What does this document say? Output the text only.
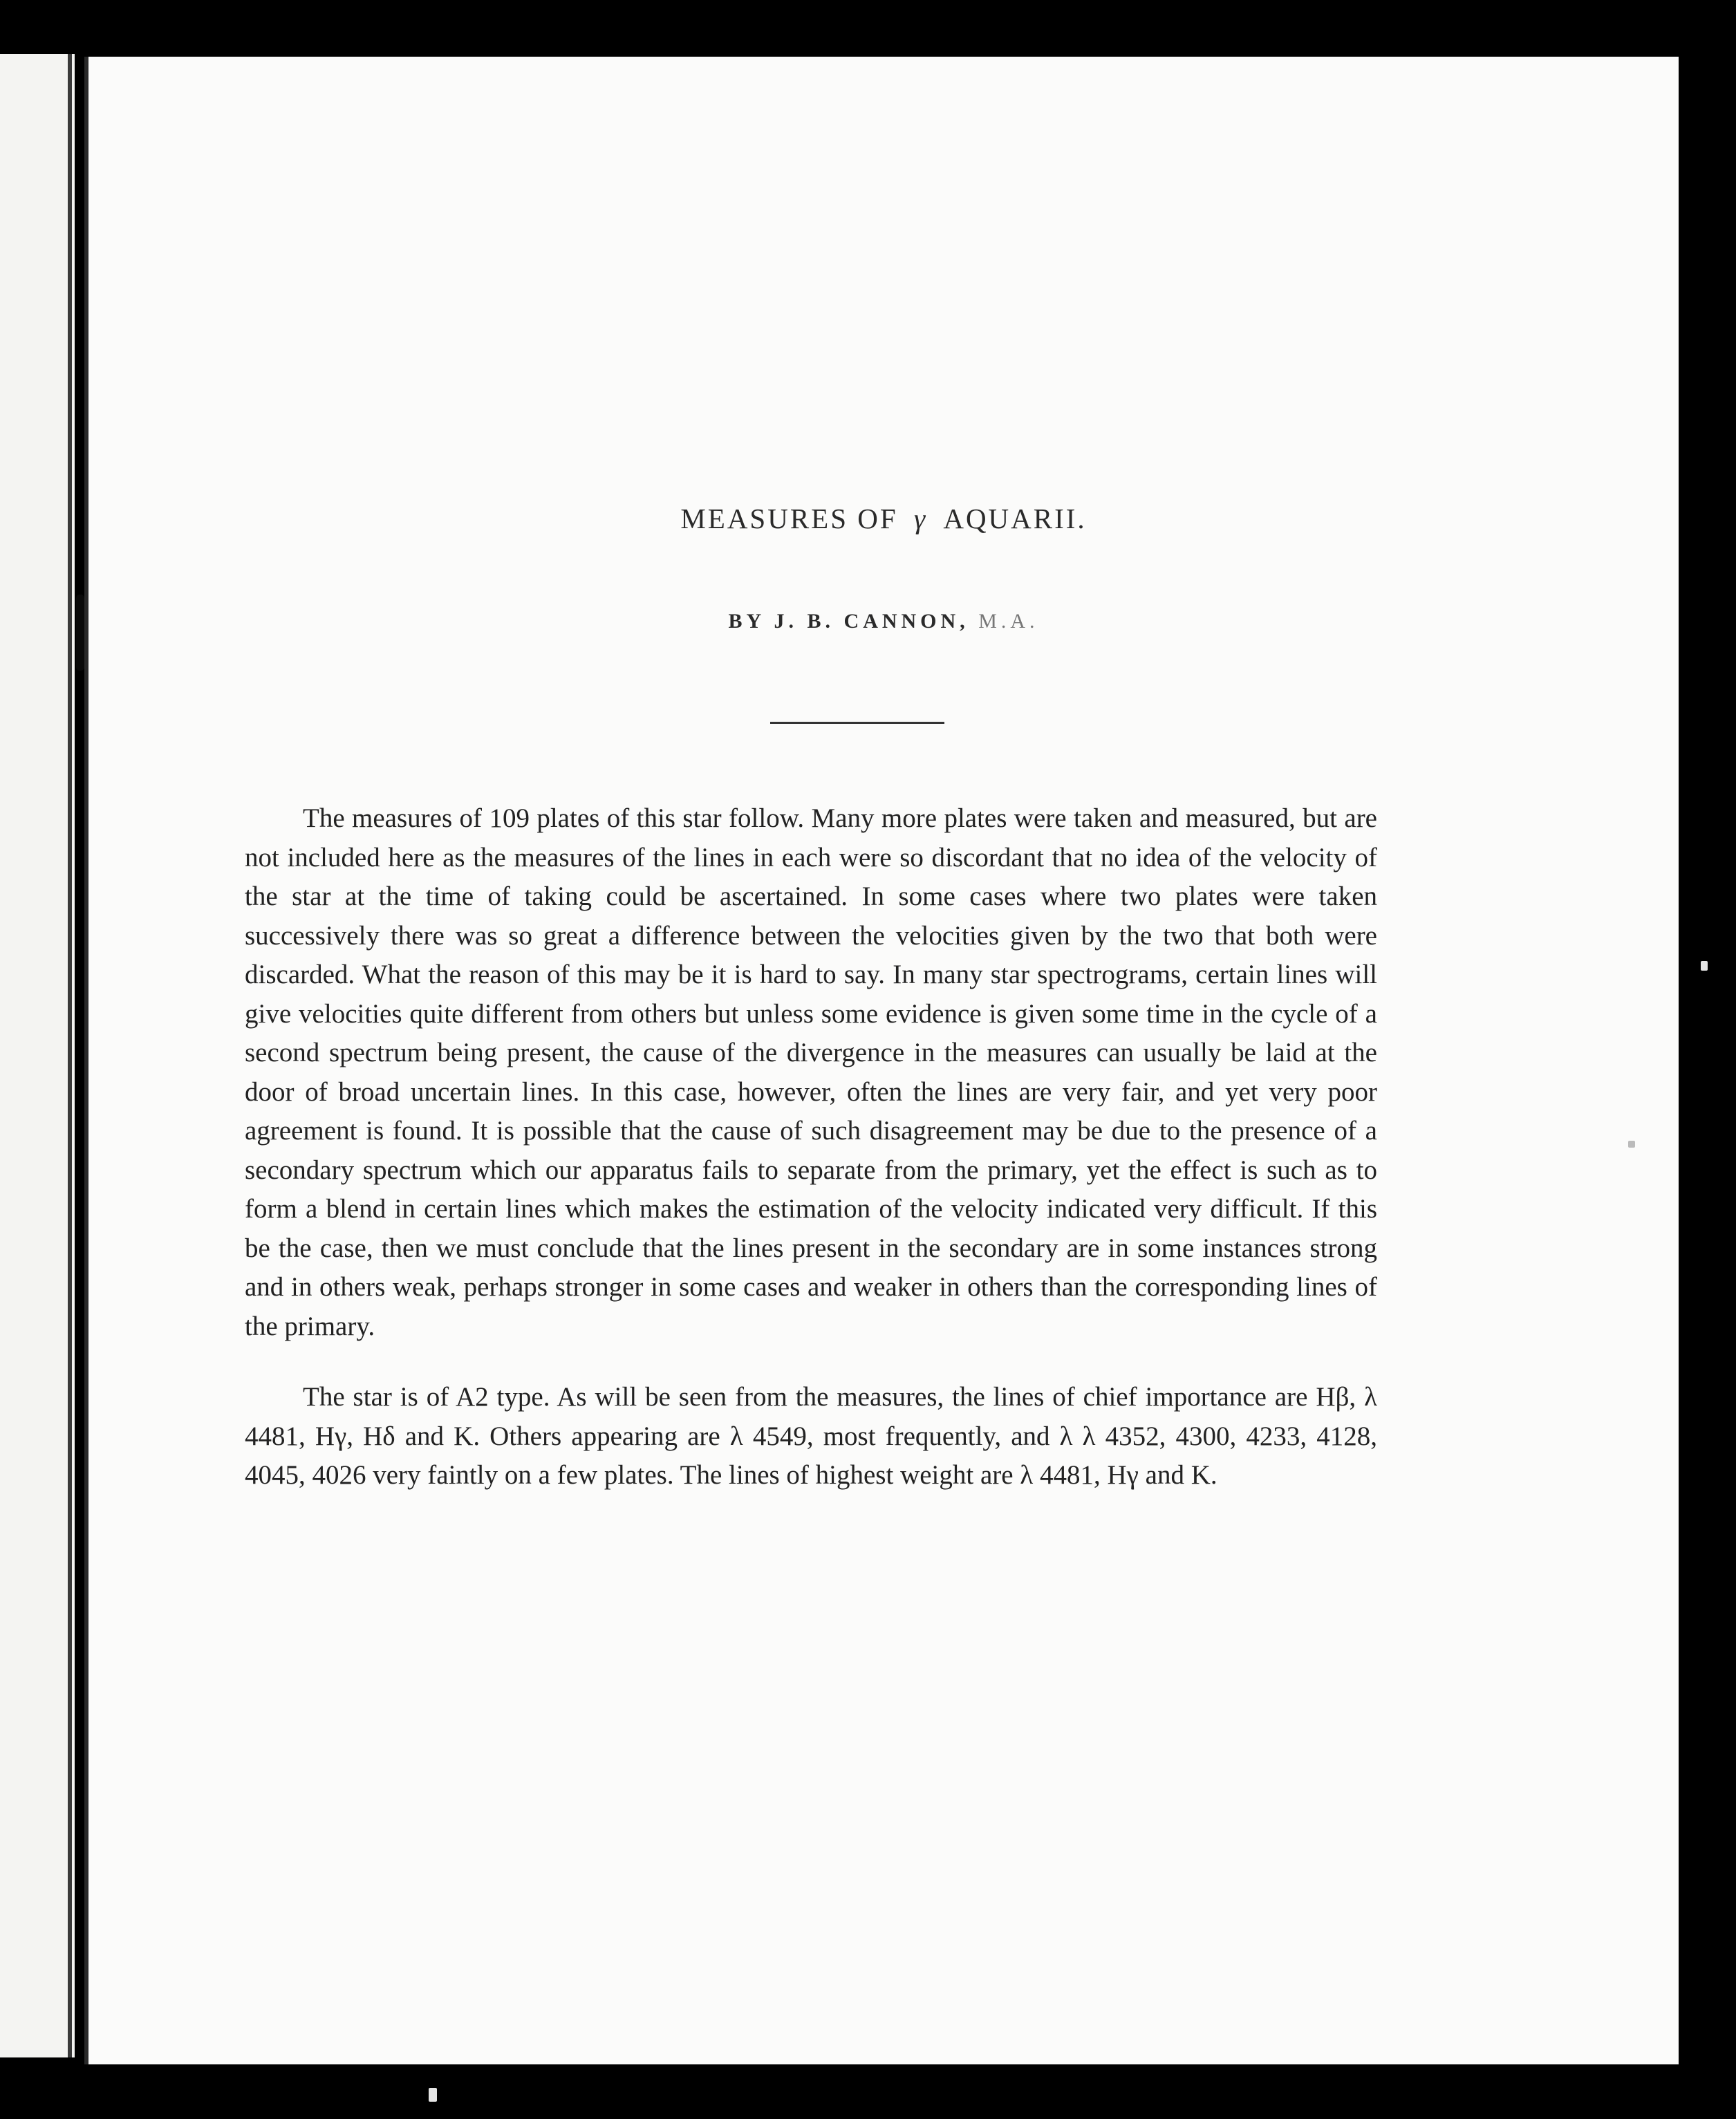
MEASURES OF γ AQUARII.
BY J. B. CANNON, M.A.

The measures of 109 plates of this star follow. Many more plates were taken and measured, but are not included here as the measures of the lines in each were so discordant that no idea of the velocity of the star at the time of taking could be ascertained. In some cases where two plates were taken successively there was so great a difference between the velocities given by the two that both were discarded. What the reason of this may be it is hard to say. In many star spectrograms, certain lines will give velocities quite different from others but unless some evidence is given some time in the cycle of a second spectrum being present, the cause of the divergence in the measures can usually be laid at the door of broad uncertain lines. In this case, however, often the lines are very fair, and yet very poor agreement is found. It is possible that the cause of such disagreement may be due to the presence of a secondary spectrum which our apparatus fails to separate from the primary, yet the effect is such as to form a blend in certain lines which makes the estimation of the velocity indicated very difficult. If this be the case, then we must conclude that the lines present in the secondary are in some instances strong and in others weak, perhaps stronger in some cases and weaker in others than the corresponding lines of the primary.

The star is of A2 type. As will be seen from the measures, the lines of chief importance are Hβ, λ 4481, Hγ, Hδ and K. Others appearing are λ 4549, most frequently, and λ λ 4352, 4300, 4233, 4128, 4045, 4026 very faintly on a few plates. The lines of highest weight are λ 4481, Hγ and K.
